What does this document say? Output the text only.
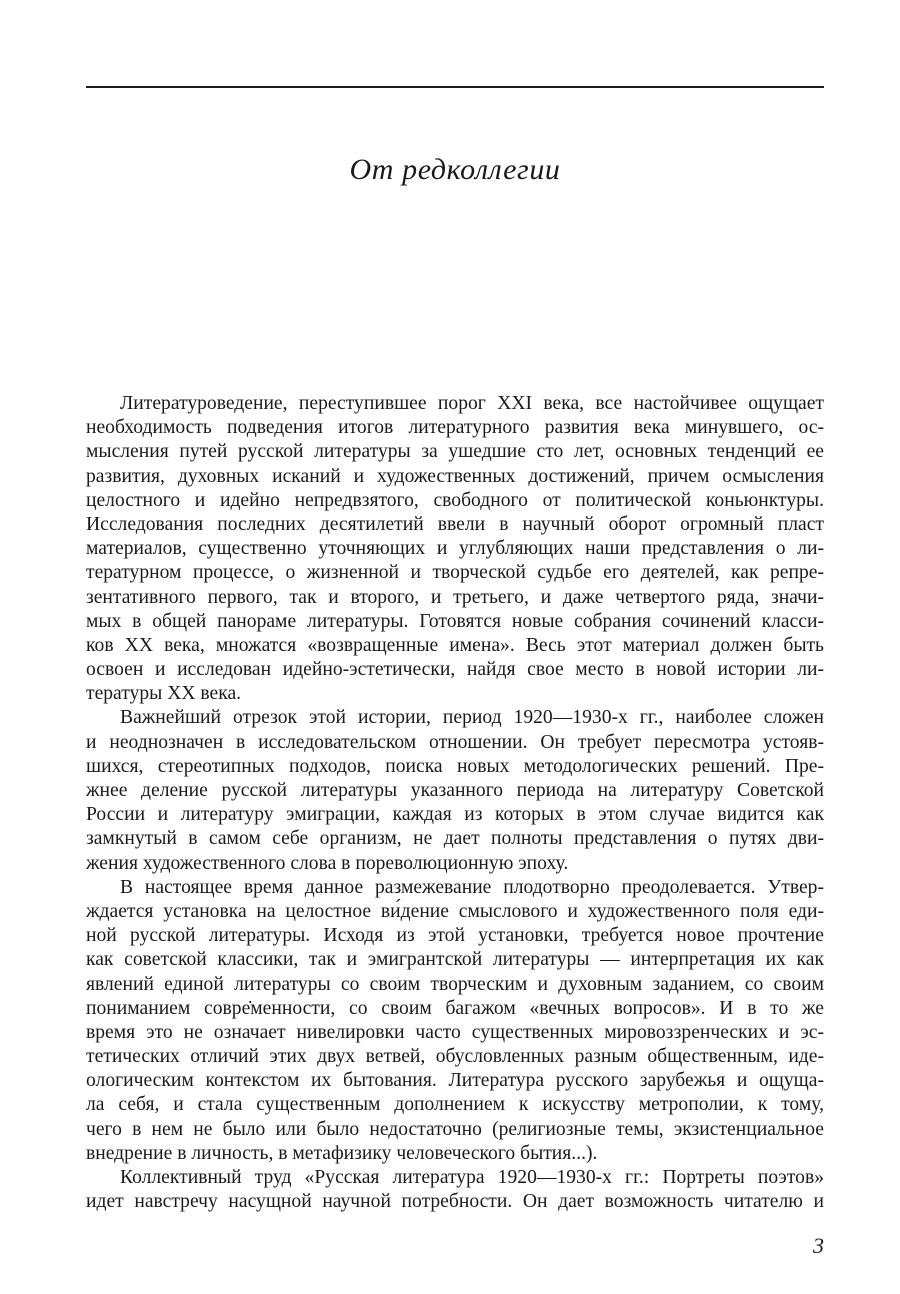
От редколлегии
Литературоведение, переступившее порог XXI века, все настойчивее ощущает
необходимость подведения итогов литературного развития века минувшего, ос-
мысления путей русской литературы за ушедшие сто лет, основных тенденций ее
развития, духовных исканий и художественных достижений, причем осмысления
целостного и идейно непредвзятого, свободного от политической коньюнктуры.
Исследования последних десятилетий ввели в научный оборот огромный пласт
материалов, существенно уточняющих и углубляющих наши представления о ли-
тературном процессе, о жизненной и творческой судьбе его деятелей, как репре-
зентативного первого, так и второго, и третьего, и даже четвертого ряда, значи-
мых в общей панораме литературы. Готовятся новые собрания сочинений класси-
ков XX века, множатся «возвращенные имена». Весь этот материал должен быть
освоен и исследован идейно-эстетически, найдя свое место в новой истории ли-
тературы XX века.
Важнейший отрезок этой истории, период 1920—1930-х гг., наиболее сложен
и неоднозначен в исследовательском отношении. Он требует пересмотра устояв-
шихся, стереотипных подходов, поиска новых методологических решений. Пре-
жнее деление русской литературы указанного периода на литературу Советской
России и литературу эмиграции, каждая из которых в этом случае видится как
замкнутый в самом себе организм, не дает полноты представления о путях дви-
жения художественного слова в пореволюционную эпоху.
В настоящее время данное размежевание плодотворно преодолевается. Утвер-
ждается установка на целостное ви́дение смыслового и художественного поля еди-
ной русской литературы. Исходя из этой установки, требуется новое прочтение
как советской классики, так и эмигрантской литературы — интерпретация их как
явлений единой литературы со своим творческим и духовным заданием, со своим
пониманием совре̇менности, со своим багажом «вечных вопросов». И в то же
время это не означает нивелировки часто существенных мировоззренческих и эс-
тетических отличий этих двух ветвей, обусловленных разным общественным, иде-
ологическим контекстом их бытования. Литература русского зарубежья и ощуща-
ла себя, и стала существенным дополнением к искусству метрополии, к тому,
чего в нем не было или было недостаточно (религиозные темы, экзистенциальное
внедрение в личность, в метафизику человеческого бытия...).
Коллективный труд «Русская литература 1920—1930-х гг.: Портреты поэтов»
идет навстречу насущной научной потребности. Он дает возможность читателю и
3
